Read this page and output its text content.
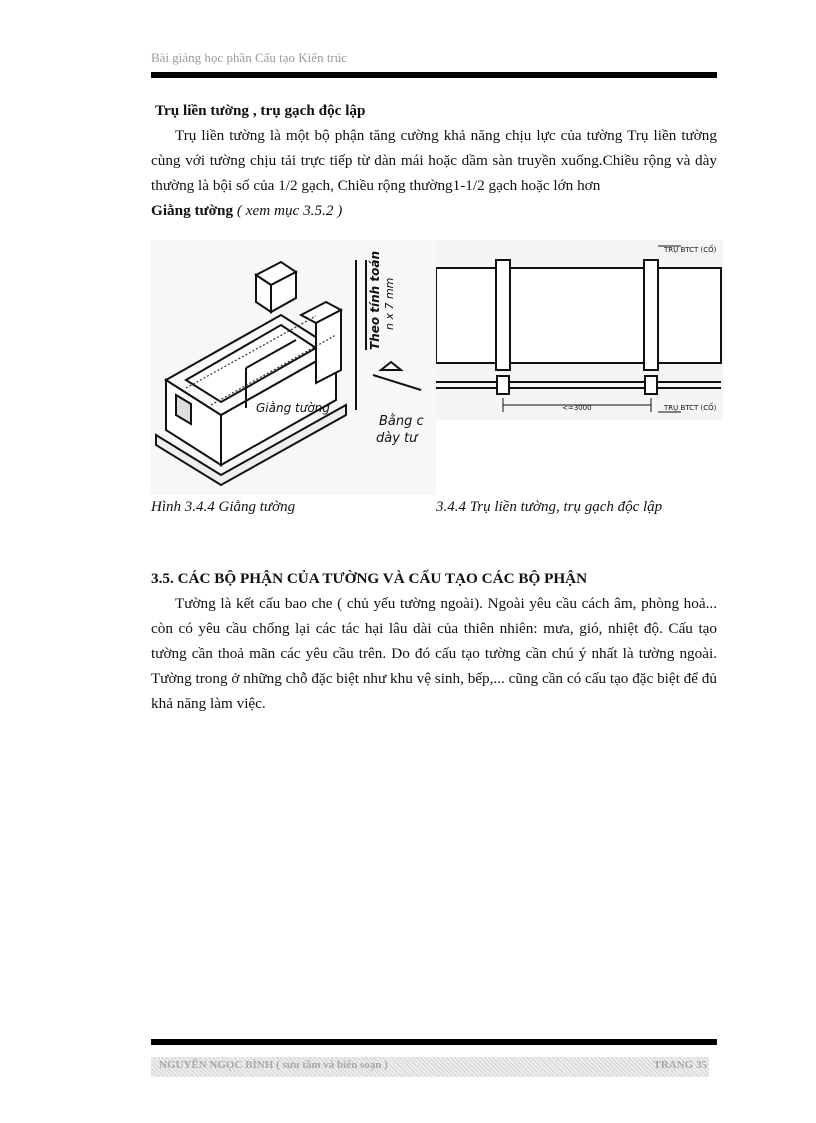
Bài giảng học phần Cấu tạo Kiến trúc

Trụ liền tường , trụ gạch độc lập

Trụ liền tường là một bộ phận tăng cường khả năng chịu lực của tường Trụ liền tường cùng với tường chịu tải trực tiếp từ dàn mái hoặc dầm sàn truyền xuống.Chiều rộng và dày thường là bội số của 1/2 gạch, Chiều rộng thường1-1/2 gạch hoặc lớn hơn

Giằng tường ( xem mục 3.5.2 )

Giằng tường
Theo tính toán n x 7 mm
Bằng c
dày tư
TRỤ BTCT (CỐ)
<=3000	TRỤ BTCT (CỐ)
Hình 3.4.4 Giằng tường	3.4.4 Trụ liền tường, trụ gạch độc lập

3.5. CÁC BỘ PHẬN CỦA TƯỜNG VÀ CẤU TẠO CÁC BỘ PHẬN

Tường là kết cấu bao che ( chủ yếu tường ngoài). Ngoài yêu cầu cách âm, phòng hoả... còn có yêu cầu chống lại các tác hại lâu dài của thiên nhiên: mưa, gió, nhiệt độ. Cấu tạo tường cần thoả mãn các yêu cầu trên. Do đó cấu tạo tường cần chú ý nhất là tường ngoài. Tường trong ở những chỗ đặc biệt như khu vệ sinh, bếp,... cũng cần có cấu tạo đặc biệt để đủ khả năng làm việc.

NGUYỄN NGỌC BÌNH ( sưu tầm và biên soạn )	TRANG 35
